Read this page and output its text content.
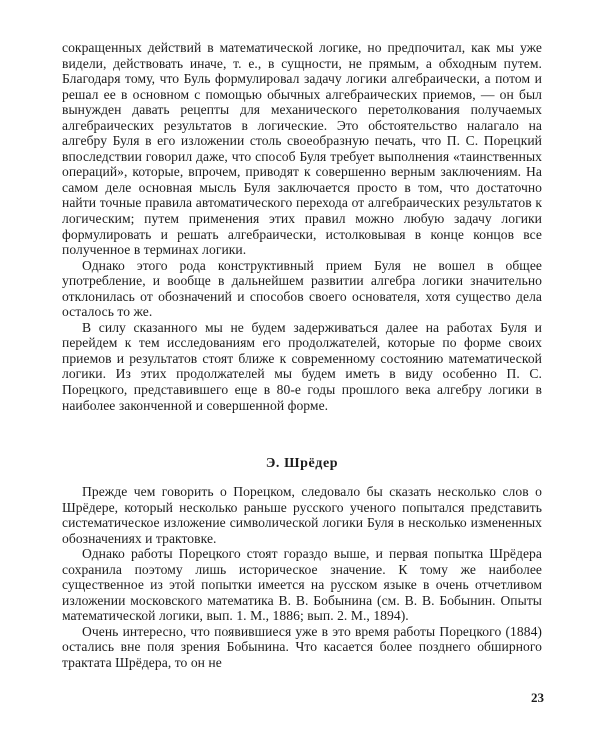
сокращенных действий в математической логике, но предпочитал, как мы уже видели, действовать иначе, т. е., в сущности, не прямым, а обходным путем. Благодаря тому, что Буль формулировал задачу логики алгебраически, а потом и решал ее в основном с помощью обычных алгебраических приемов, — он был вынужден давать рецепты для механического перетолкования получаемых алгебраических результатов в логические. Это обстоятельство налагало на алгебру Буля в его изложении столь своеобразную печать, что П. С. Порецкий впоследствии говорил даже, что способ Буля требует выполнения «таинственных операций», которые, впрочем, приводят к совершенно верным заключениям. На самом деле основная мысль Буля заключается просто в том, что достаточно найти точные правила автоматического перехода от алгебраических результатов к логическим; путем применения этих правил можно любую задачу логики формулировать и решать алгебраически, истолковывая в конце концов все полученное в терминах логики.

Однако этого рода конструктивный прием Буля не вошел в общее употребление, и вообще в дальнейшем развитии алгебра логики значительно отклонилась от обозначений и способов своего основателя, хотя существо дела осталось то же.

В силу сказанного мы не будем задерживаться далее на работах Буля и перейдем к тем исследованиям его продолжателей, которые по форме своих приемов и результатов стоят ближе к современному состоянию математической логики. Из этих продолжателей мы будем иметь в виду особенно П. С. Порецкого, представившего еще в 80-е годы прошлого века алгебру логики в наиболее законченной и совершенной форме.

Э. Шрёдер

Прежде чем говорить о Порецком, следовало бы сказать несколько слов о Шрёдере, который несколько раньше русского ученого попытался представить систематическое изложение символической логики Буля в несколько измененных обозначениях и трактовке.

Однако работы Порецкого стоят гораздо выше, и первая попытка Шрёдера сохранила поэтому лишь историческое значение. К тому же наиболее существенное из этой попытки имеется на русском языке в очень отчетливом изложении московского математика В. В. Бобынина (см. В. В. Бобынин. Опыты математической логики, вып. 1. М., 1886; вып. 2. М., 1894).

Очень интересно, что появившиеся уже в это время работы Порецкого (1884) остались вне поля зрения Бобынина. Что касается более позднего обширного трактата Шрёдера, то он не

23
